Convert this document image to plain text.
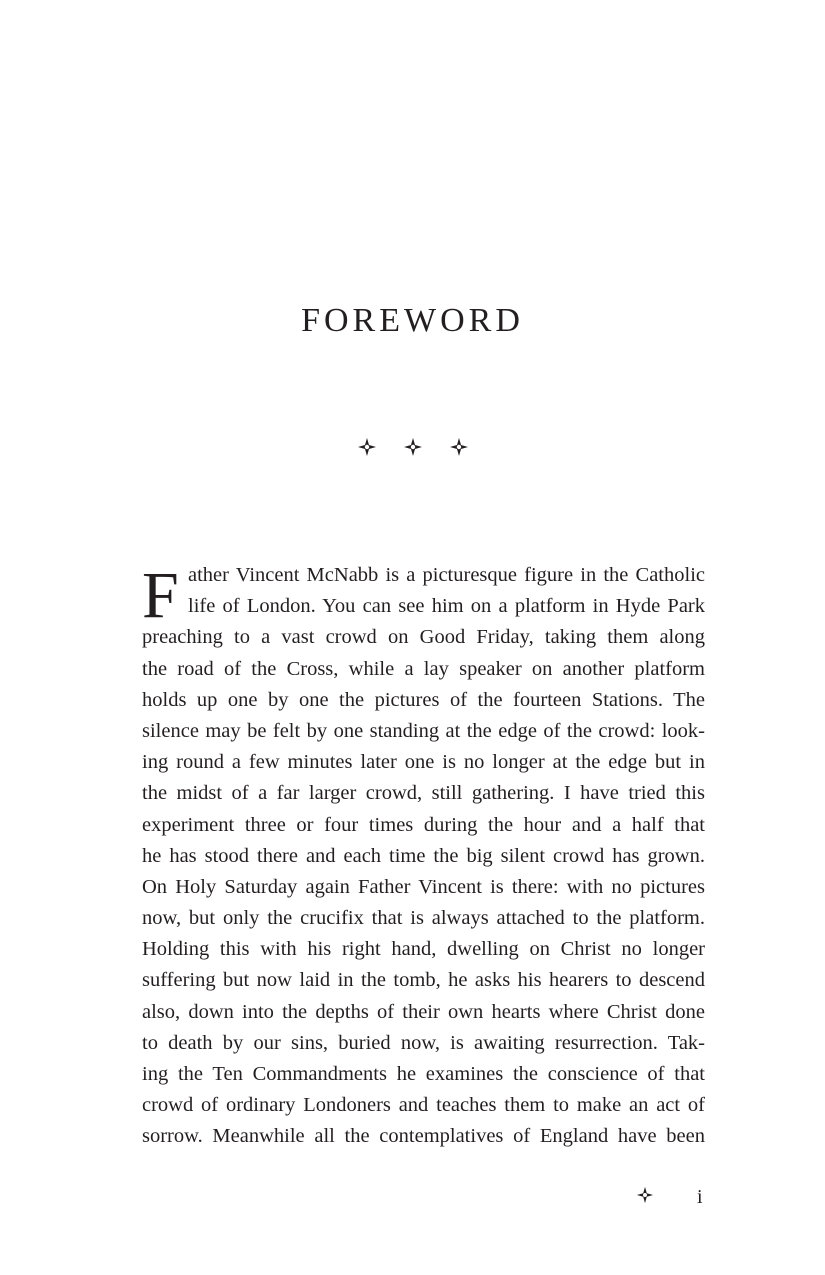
FOREWORD
F ather Vincent McNabb is a picturesque figure in the Catholic
life of London. You can see him on a platform in Hyde Park
preaching to a vast crowd on Good Friday, taking them along
the road of the Cross, while a lay speaker on another platform
holds up one by one the pictures of the fourteen Stations. The
silence may be felt by one standing at the edge of the crowd: look-
ing round a few minutes later one is no longer at the edge but in
the midst of a far larger crowd, still gathering. I have tried this
experiment three or four times during the hour and a half that
he has stood there and each time the big silent crowd has grown.
On Holy Saturday again Father Vincent is there: with no pictures
now, but only the crucifix that is always attached to the platform.
Holding this with his right hand, dwelling on Christ no longer
suffering but now laid in the tomb, he asks his hearers to descend
also, down into the depths of their own hearts where Christ done
to death by our sins, buried now, is awaiting resurrection. Tak-
ing the Ten Commandments he examines the conscience of that
crowd of ordinary Londoners and teaches them to make an act of
sorrow. Meanwhile all the contemplatives of England have been
i
